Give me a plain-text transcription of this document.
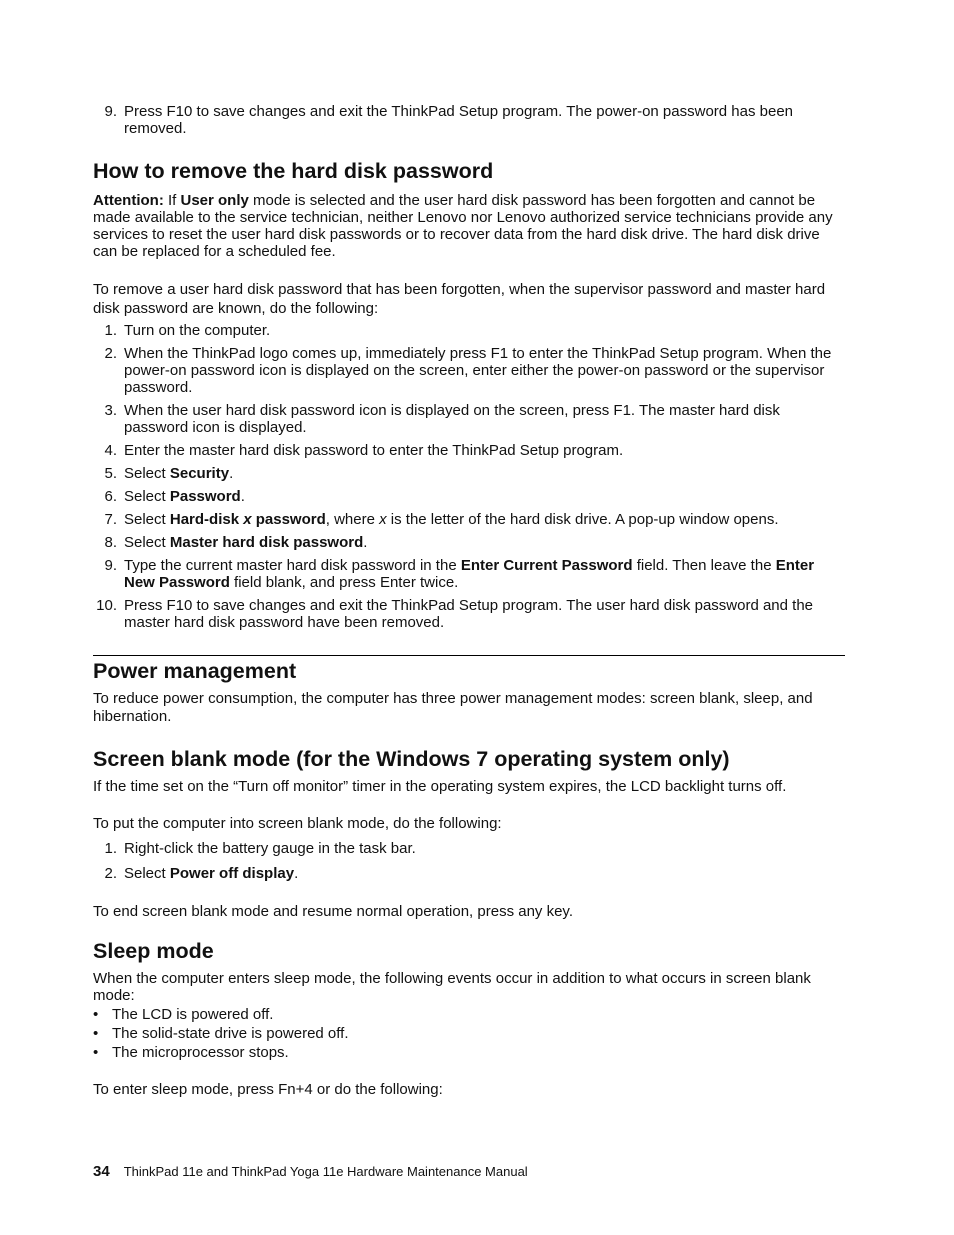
9. Press F10 to save changes and exit the ThinkPad Setup program. The power-on password has been removed.
How to remove the hard disk password

Attention: If User only mode is selected and the user hard disk password has been forgotten and cannot be made available to the service technician, neither Lenovo nor Lenovo authorized service technicians provide any services to reset the user hard disk passwords or to recover data from the hard disk drive. The hard disk drive can be replaced for a scheduled fee.

To remove a user hard disk password that has been forgotten, when the supervisor password and master hard disk password are known, do the following:

1. Turn on the computer.
2. When the ThinkPad logo comes up, immediately press F1 to enter the ThinkPad Setup program. When the power-on password icon is displayed on the screen, enter either the power-on password or the supervisor password.
3. When the user hard disk password icon is displayed on the screen, press F1. The master hard disk password icon is displayed.
4. Enter the master hard disk password to enter the ThinkPad Setup program.
5. Select Security.
6. Select Password.
7. Select Hard-disk x password, where x is the letter of the hard disk drive. A pop-up window opens.
8. Select Master hard disk password.
9. Type the current master hard disk password in the Enter Current Password field. Then leave the Enter New Password field blank, and press Enter twice.
10. Press F10 to save changes and exit the ThinkPad Setup program. The user hard disk password and the master hard disk password have been removed.
Power management

To reduce power consumption, the computer has three power management modes: screen blank, sleep, and hibernation.

Screen blank mode (for the Windows 7 operating system only)

If the time set on the “Turn off monitor” timer in the operating system expires, the LCD backlight turns off.

To put the computer into screen blank mode, do the following:

1. Right-click the battery gauge in the task bar.
2. Select Power off display.

To end screen blank mode and resume normal operation, press any key.

Sleep mode

When the computer enters sleep mode, the following events occur in addition to what occurs in screen blank mode:

• The LCD is powered off.
• The solid-state drive is powered off.
• The microprocessor stops.

To enter sleep mode, press Fn+4 or do the following:

34 ThinkPad 11e and ThinkPad Yoga 11e Hardware Maintenance Manual
